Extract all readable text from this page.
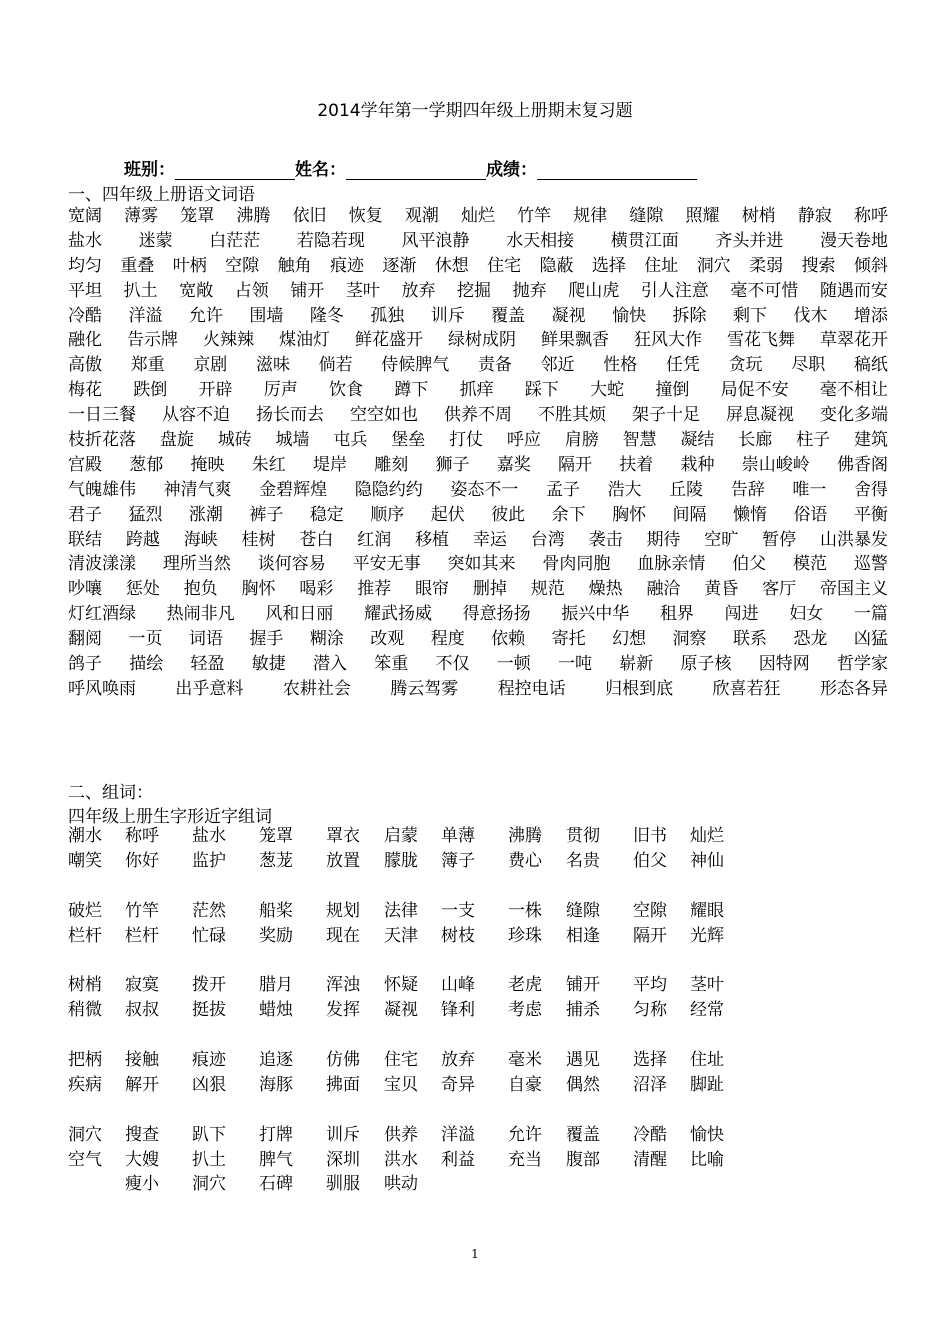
2014学年第一学期四年级上册期末复习题
班别：	姓名：	成绩：
一、四年级上册语文词语
宽阔 薄雾 笼罩 沸腾 依旧 恢复 观潮 灿烂 竹竿 规律 缝隙 照耀 树梢 静寂 称呼
盐水 迷蒙 白茫茫 若隐若现 风平浪静 水天相接 横贯江面 齐头并进 漫天卷地
均匀 重叠 叶柄 空隙 触角 痕迹 逐渐 休想 住宅 隐蔽 选择 住址 洞穴 柔弱 搜索 倾斜
平坦 扒土 宽敞 占领 铺开 茎叶 放弃 挖掘 抛弃 爬山虎 引人注意 毫不可惜 随遇而安
冷酷 洋溢 允许 围墙 隆冬 孤独 训斥 覆盖 凝视 愉快 拆除 剩下 伐木 增添
融化 告示牌 火辣辣 煤油灯 鲜花盛开 绿树成阴 鲜果飘香 狂风大作 雪花飞舞 草翠花开
高傲 郑重 京剧 滋味 倘若 侍候脾气 责备 邻近 性格 任凭 贪玩 尽职 稿纸
梅花 跌倒 开辟 厉声 饮食 蹲下 抓痒 踩下 大蛇 撞倒 局促不安 毫不相让
一日三餐 从容不迫 扬长而去 空空如也 供养不周 不胜其烦 架子十足 屏息凝视 变化多端
枝折花落 盘旋 城砖 城墙 屯兵 堡垒 打仗 呼应 肩膀 智慧 凝结 长廊 柱子 建筑
宫殿 葱郁 掩映 朱红 堤岸 雕刻 狮子 嘉奖 隔开 扶着 栽种 崇山峻岭 佛香阁
气魄雄伟 神清气爽 金碧辉煌 隐隐约约 姿态不一 孟子 浩大 丘陵 告辞 唯一 舍得
君子 猛烈 涨潮 裤子 稳定 顺序 起伏 彼此 余下 胸怀 间隔 懒惰 俗语 平衡
联结 跨越 海峡 桂树 苍白 红润 移植 幸运 台湾 袭击 期待 空旷 暂停 山洪暴发
清波漾漾 理所当然 谈何容易 平安无事 突如其来 骨肉同胞 血脉亲情 伯父 模范 巡警
吵嚷 惩处 抱负 胸怀 喝彩 推荐 眼帘 删掉 规范 燥热 融洽 黄昏 客厅 帝国主义
灯红酒绿 热闹非凡 风和日丽 耀武扬威 得意扬扬 振兴中华 租界 闯进 妇女 一篇
翻阅 一页 词语 握手 糊涂 改观 程度 依赖 寄托 幻想 洞察 联系 恐龙 凶猛
鸽子 描绘 轻盈 敏捷 潜入 笨重 不仅 一顿 一吨 崭新 原子核 因特网 哲学家
呼风唤雨 出乎意料 农耕社会 腾云驾雾 程控电话 归根到底 欣喜若狂 形态各异
二、组词：
四年级上册生字形近字组词
潮水 称呼 盐水 笼罩 罩衣 启蒙 单薄 沸腾 贯彻 旧书 灿烂
嘲笑 你好 监护 葱茏 放置 朦胧 簿子 费心 名贵 伯父 神仙
破烂 竹竿 茫然 船桨 规划 法律 一支 一株 缝隙 空隙 耀眼
栏杆 栏杆 忙碌 奖励 现在 天津 树枝 珍珠 相逢 隔开 光辉
树梢 寂寞 拨开 腊月 浑浊 怀疑 山峰 老虎 铺开 平均 茎叶
稍微 叔叔 挺拔 蜡烛 发挥 凝视 锋利 考虑 捕杀 匀称 经常
把柄 接触 痕迹 追逐 仿佛 住宅 放弃 毫米 遇见 选择 住址
疾病 解开 凶狠 海豚 拂面 宝贝 奇异 自豪 偶然 沼泽 脚趾
洞穴 搜查 趴下 打牌 训斥 供养 洋溢 允许 覆盖 冷酷 愉快
空气 大嫂 扒土 脾气 深圳 洪水 利益 充当 腹部 清醒 比喻
瘦小 洞穴 石碑 驯服 哄动
1
